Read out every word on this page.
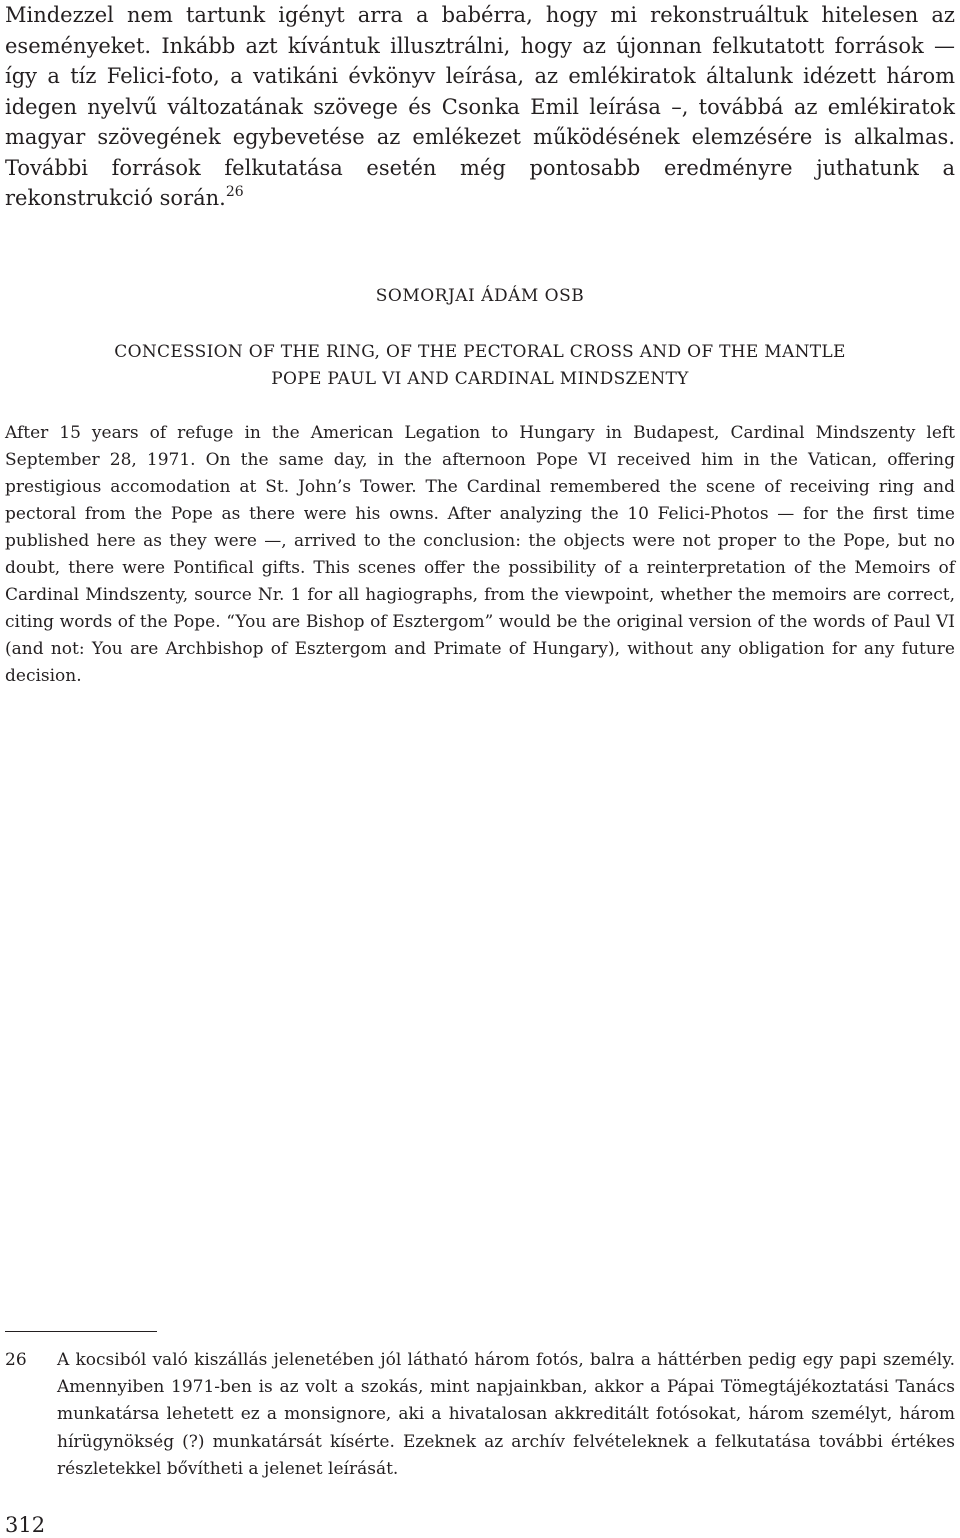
Mindezzel nem tartunk igényt arra a babérra, hogy mi rekonstruáltuk hitelesen az eseményeket. Inkább azt kívántuk illusztrálni, hogy az újonnan felkutatott források — így a tíz Felici-foto, a vatikáni évkönyv leírása, az emlékiratok általunk idézett három idegen nyelvű változatának szövege és Csonka Emil leírása –, továbbá az emlékiratok magyar szövegének egybevetése az emlékezet működésének elemzésére is alkalmas. További források felkutatása esetén még pontosabb eredményre juthatunk a rekonstrukció során.$^{26}$

SOMORJAI ÁDÁM OSB

CONCESSION OF THE RING, OF THE PECTORAL CROSS AND OF THE MANTLE
POPE PAUL VI AND CARDINAL MINDSZENTY

After 15 years of refuge in the American Legation to Hungary in Budapest, Cardinal Mindszenty left September 28, 1971. On the same day, in the afternoon Pope VI received him in the Vatican, offering prestigious accomodation at St. John’s Tower. The Cardinal remembered the scene of receiving ring and pectoral from the Pope as there were his owns. After analyzing the 10 Felici-Photos — for the first time published here as they were —, arrived to the conclusion: the objects were not proper to the Pope, but no doubt, there were Pontifical gifts. This scenes offer the possibility of a reinterpretation of the Memoirs of Cardinal Mindszenty, source Nr. 1 for all hagiographs, from the viewpoint, whether the memoirs are correct, citing words of the Pope. “You are Bishop of Esztergom” would be the original version of the words of Paul VI (and not: You are Archbishop of Esztergom and Primate of Hungary), without any obligation for any future decision.

26	A kocsiból való kiszállás jelenetében jól látható három fotós, balra a háttérben pedig egy papi személy. Amennyiben 1971-ben is az volt a szokás, mint napjainkban, akkor a Pápai Tömegtájékoztatási Tanács munkatársa lehetett ez a monsignore, aki a hivatalosan akkreditált fotósokat, három személyt, három hírügynökség (?) munkatársát kísérte. Ezeknek az archív felvételeknek a felkutatása további értékes részletekkel bővítheti a jelenet leírását.
312
